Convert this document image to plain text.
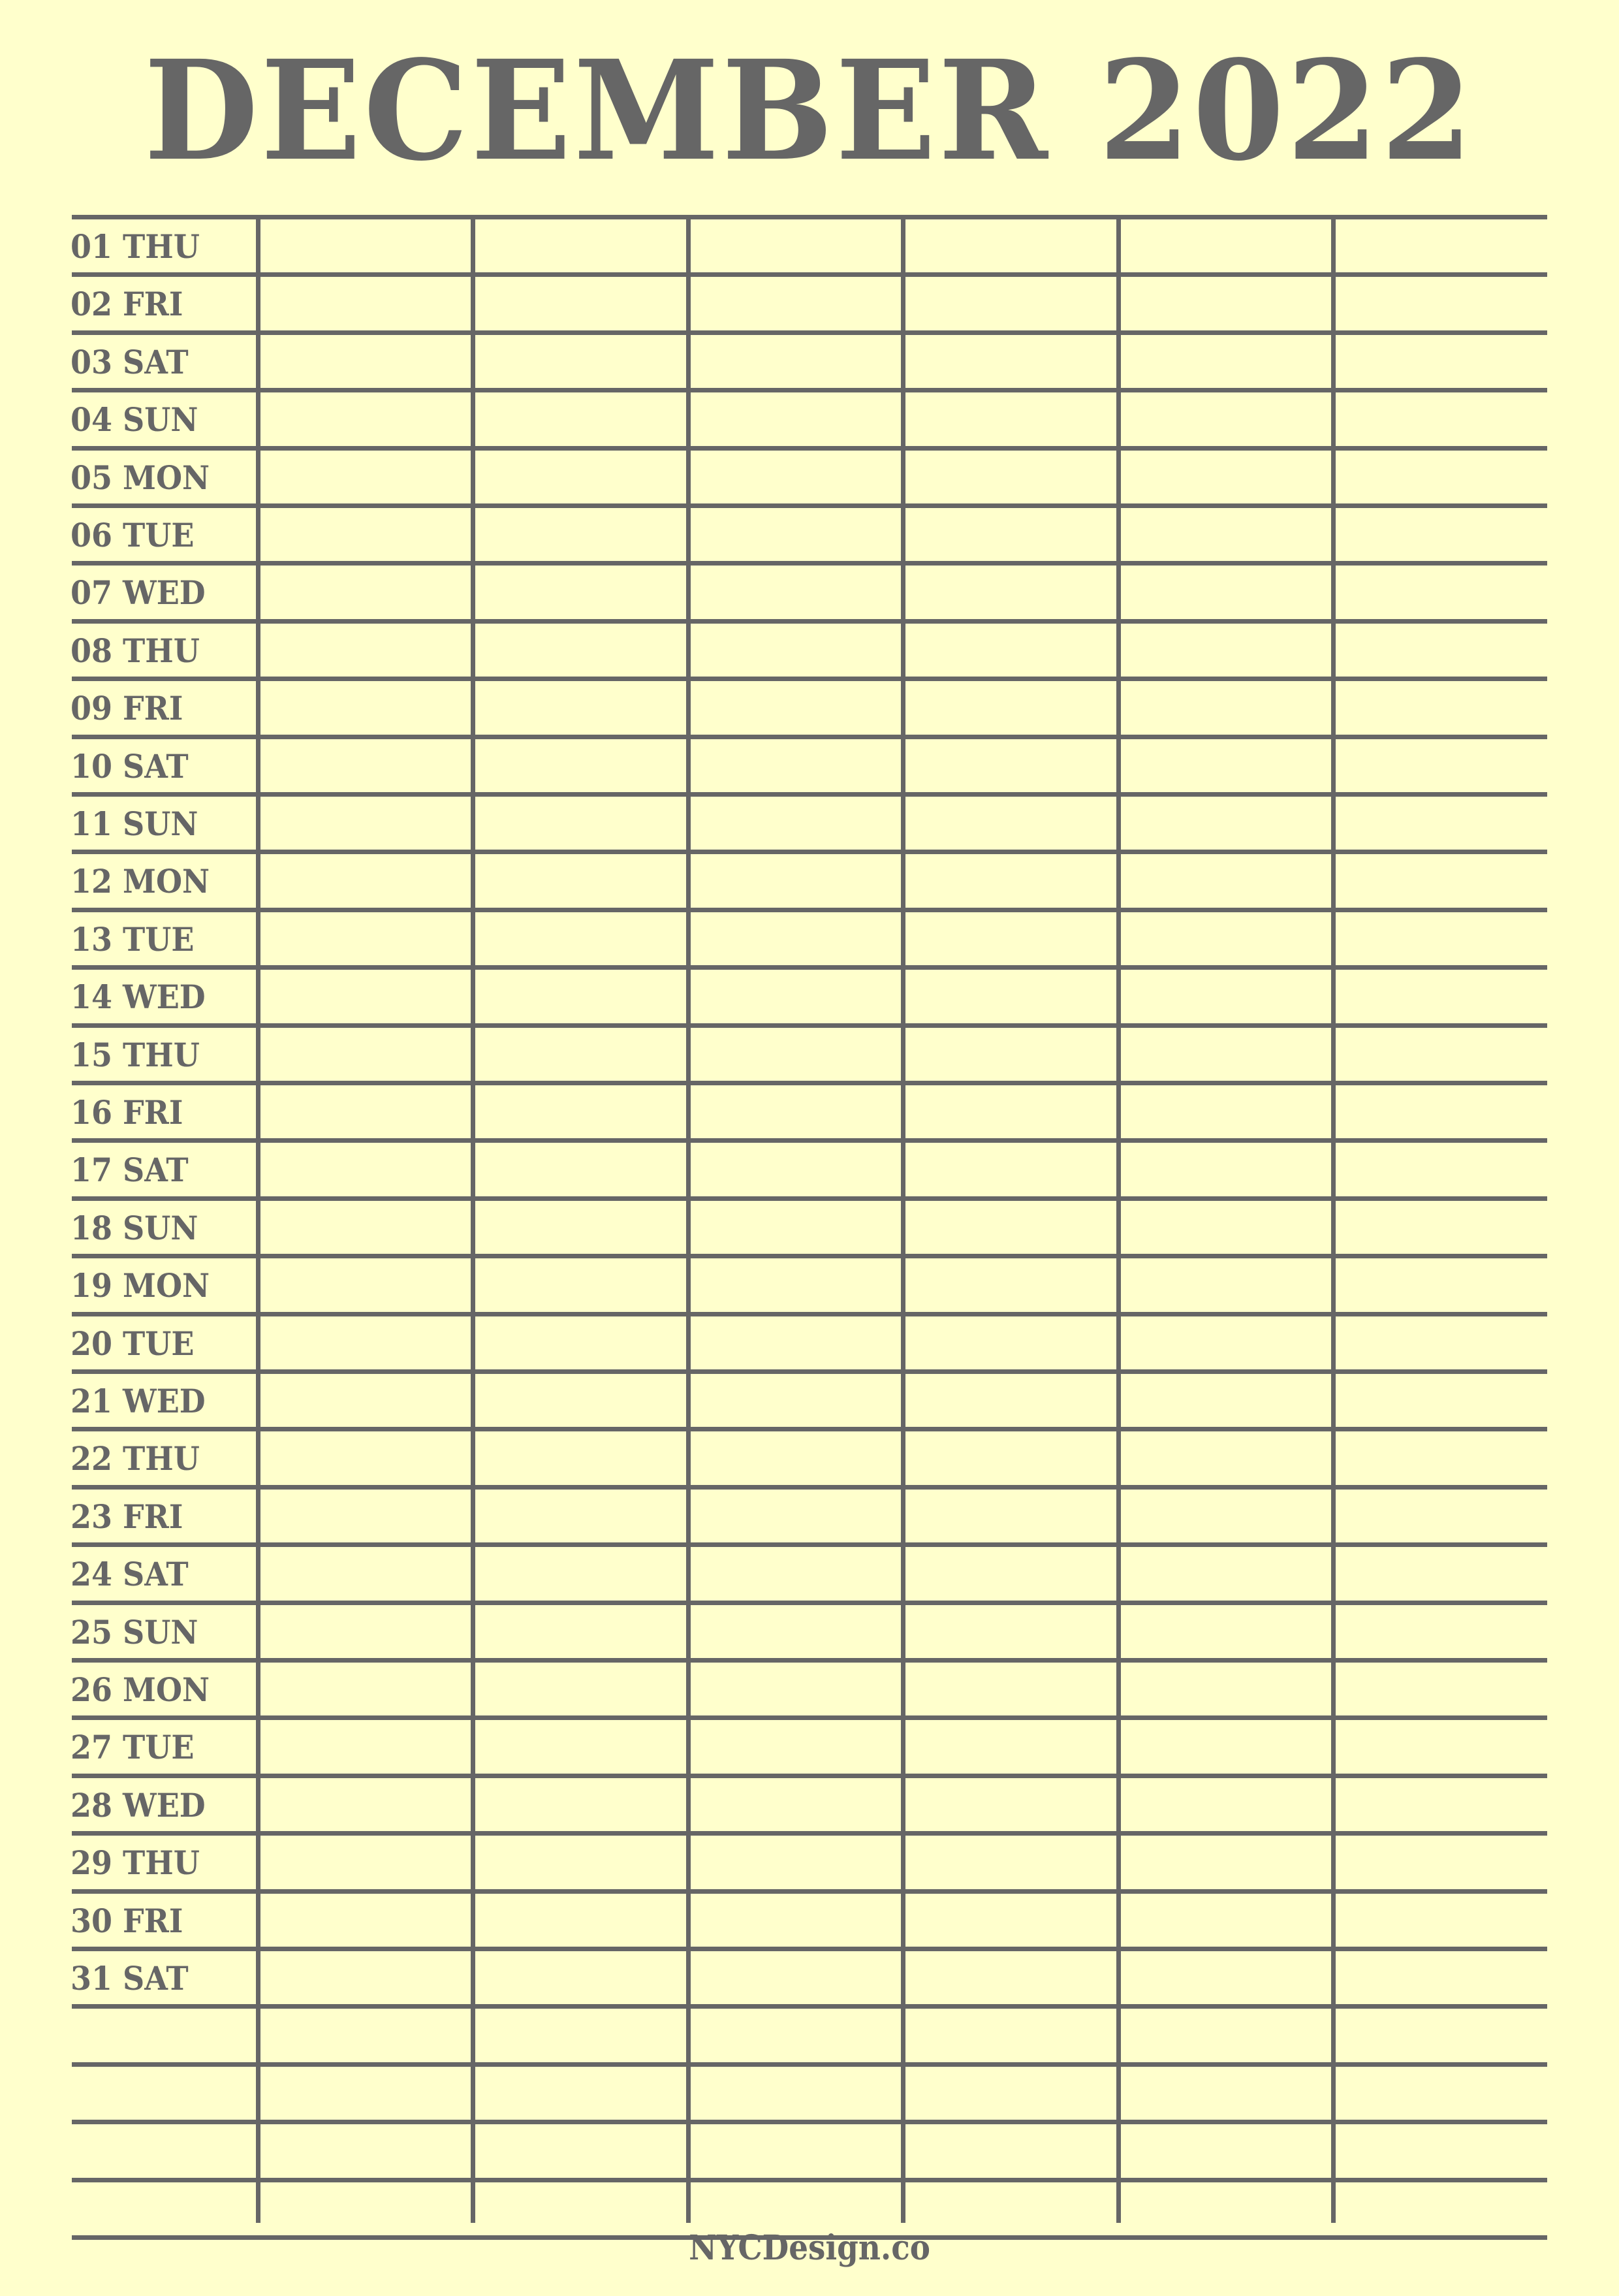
DECEMBER 2022
01 THU
02 FRI
03 SAT
04 SUN
05 MON
06 TUE
07 WED
08 THU
09 FRI
10 SAT
11 SUN
12 MON
13 TUE
14 WED
15 THU
16 FRI
17 SAT
18 SUN
19 MON
20 TUE
21 WED
22 THU
23 FRI
24 SAT
25 SUN
26 MON
27 TUE
28 WED
29 THU
30 FRI
31 SAT
NYCDesign.co
